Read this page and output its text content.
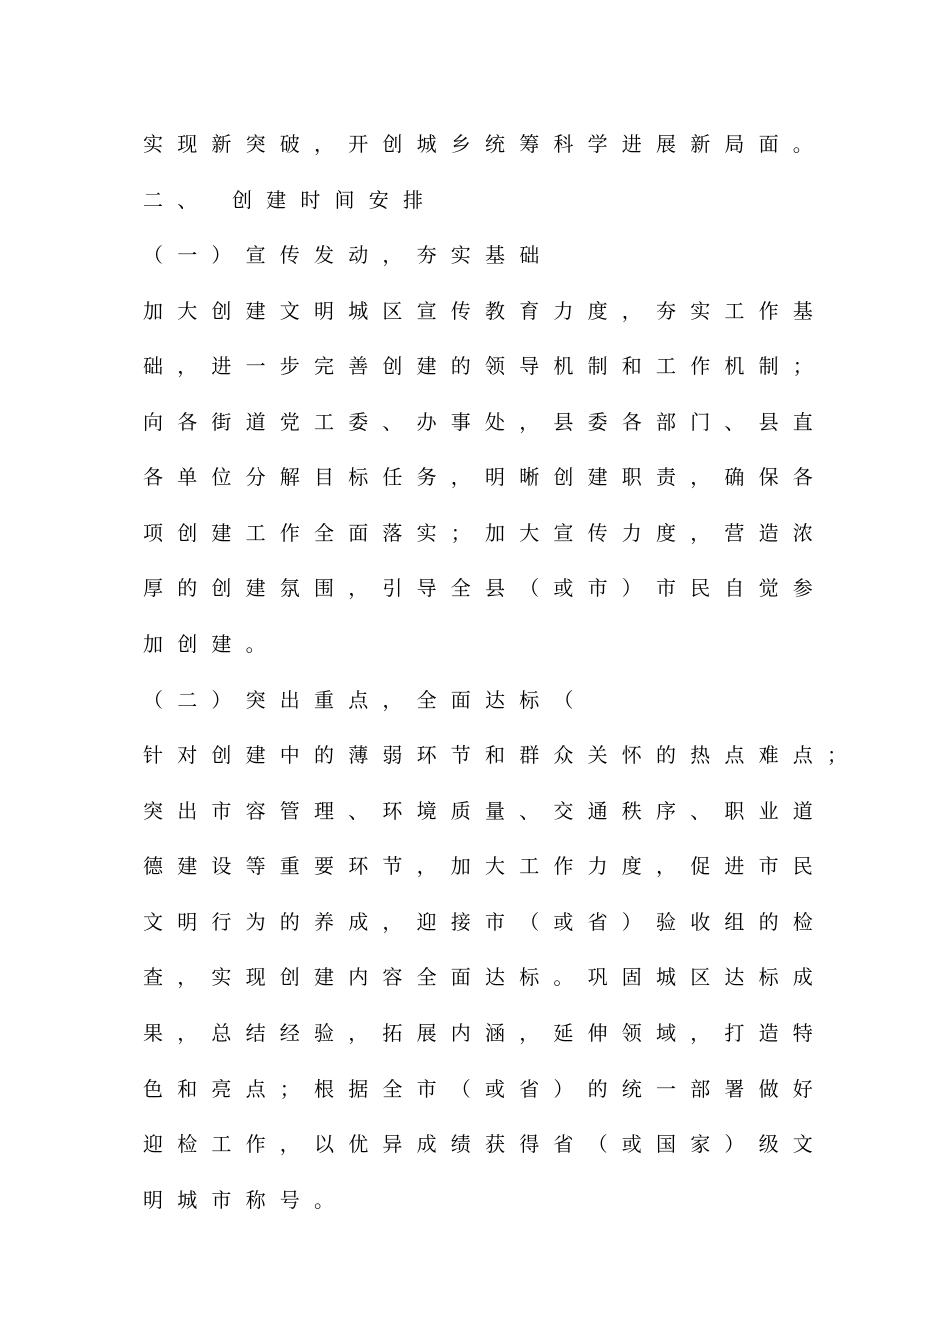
实现新突破，开创城乡统筹科学进展新局面。

二、 创建时间安排

（一）宣传发动，夯实基础

加大创建文明城区宣传教育力度，夯实工作基

础，进一步完善创建的领导机制和工作机制；

向各街道党工委、办事处，县委各部门、县直

各单位分解目标任务，明晰创建职责，确保各

项创建工作全面落实；加大宣传力度，营造浓

厚的创建氛围，引导全县（或市）市民自觉参

加创建。

（二）突出重点，全面达标（

针对创建中的薄弱环节和群众关怀的热点难点；

突出市容管理、环境质量、交通秩序、职业道

德建设等重要环节，加大工作力度，促进市民

文明行为的养成，迎接市（或省）验收组的检

查，实现创建内容全面达标。巩固城区达标成

果，总结经验，拓展内涵，延伸领域，打造特

色和亮点；根据全市（或省）的统一部署做好

迎检工作，以优异成绩获得省（或国家）级文

明城市称号。
